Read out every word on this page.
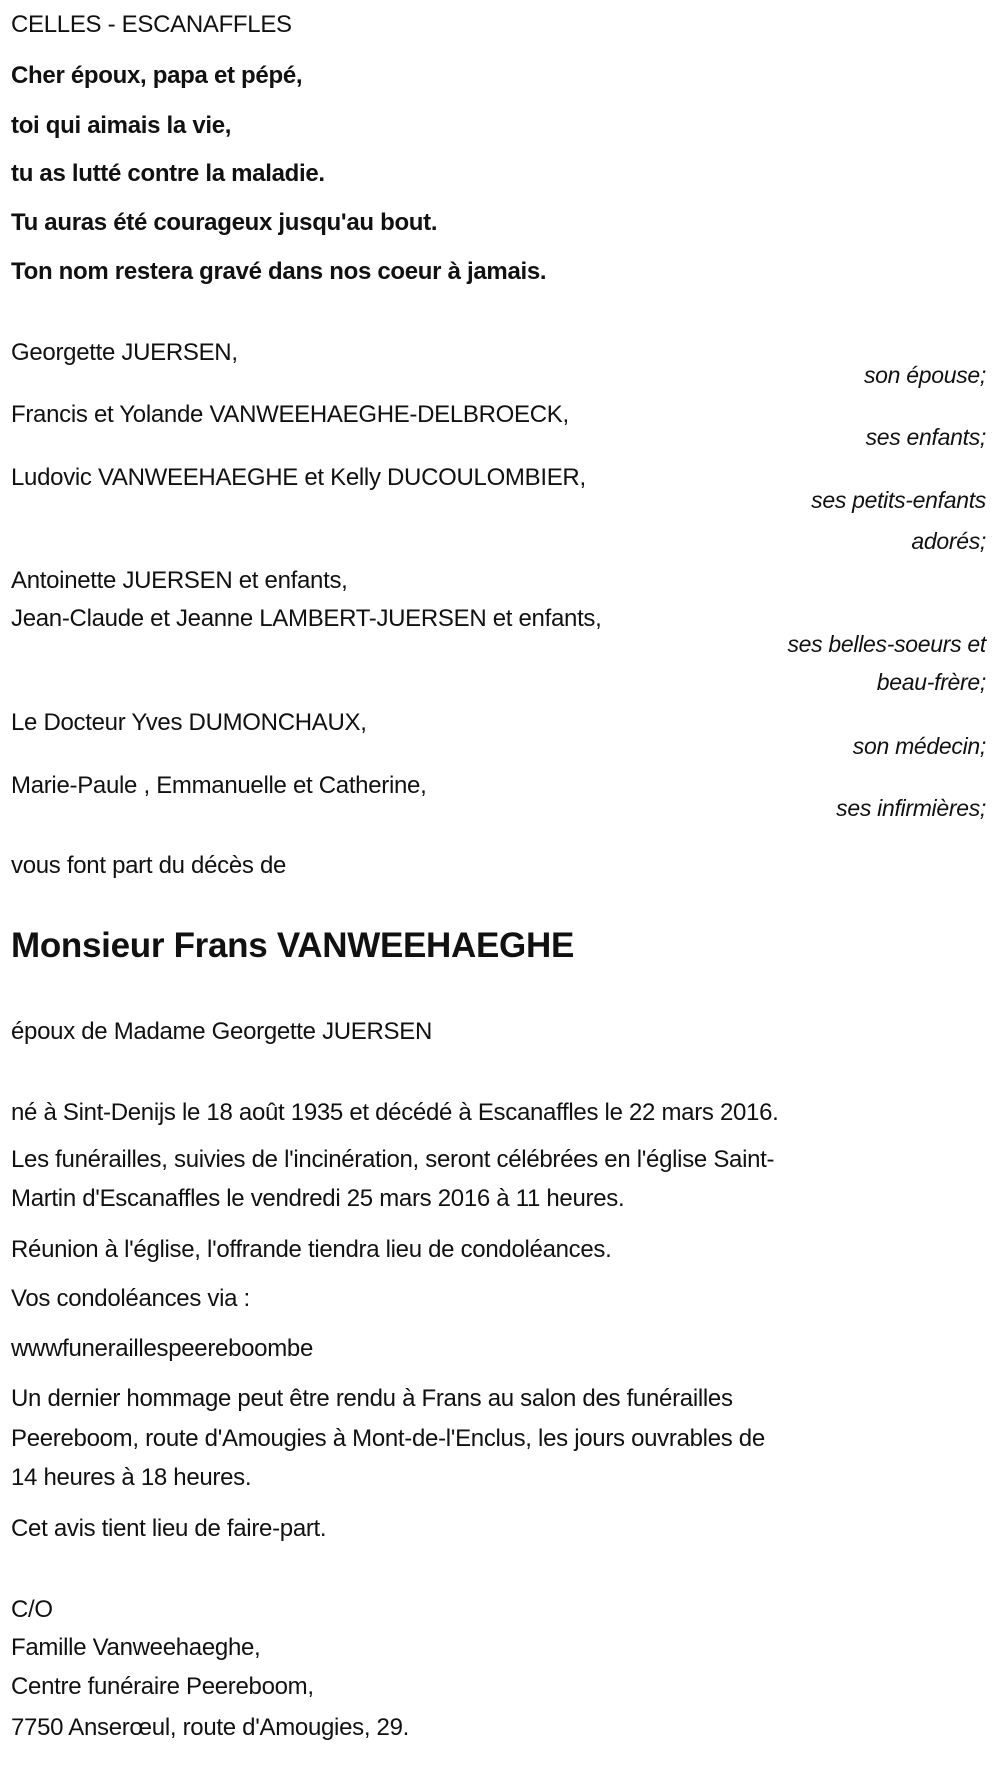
CELLES - ESCANAFFLES
Cher époux, papa et pépé,
toi qui aimais la vie,
tu as lutté contre la maladie.
Tu auras été courageux jusqu'au bout.
Ton nom restera gravé dans nos coeur à jamais.
Georgette JUERSEN,
son épouse;
Francis et Yolande VANWEEHAEGHE-DELBROECK,
ses enfants;
Ludovic VANWEEHAEGHE et Kelly DUCOULOMBIER,
ses petits-enfants
adorés;
Antoinette JUERSEN et enfants,
Jean-Claude et Jeanne LAMBERT-JUERSEN et enfants,
ses belles-soeurs et
beau-frère;
Le Docteur Yves DUMONCHAUX,
son médecin;
Marie-Paule , Emmanuelle et Catherine,
ses infirmières;
vous font part du décès de
Monsieur Frans VANWEEHAEGHE
époux de Madame Georgette JUERSEN
né à Sint-Denijs le 18 août 1935 et décédé à Escanaffles le 22 mars 2016.
Les funérailles, suivies de l'incinération, seront célébrées en l'église Saint-
Martin d'Escanaffles le vendredi 25 mars 2016 à 11 heures.
Réunion à l'église, l'offrande tiendra lieu de condoléances.
Vos condoléances via :
wwwfuneraillespeereboombe
Un dernier hommage peut être rendu à Frans au salon des funérailles
Peereboom, route d'Amougies à Mont-de-l'Enclus, les jours ouvrables de
14 heures à 18 heures.
Cet avis tient lieu de faire-part.
C/O
Famille Vanweehaeghe,
Centre funéraire Peereboom,
7750 Anserœul, route d'Amougies, 29.
